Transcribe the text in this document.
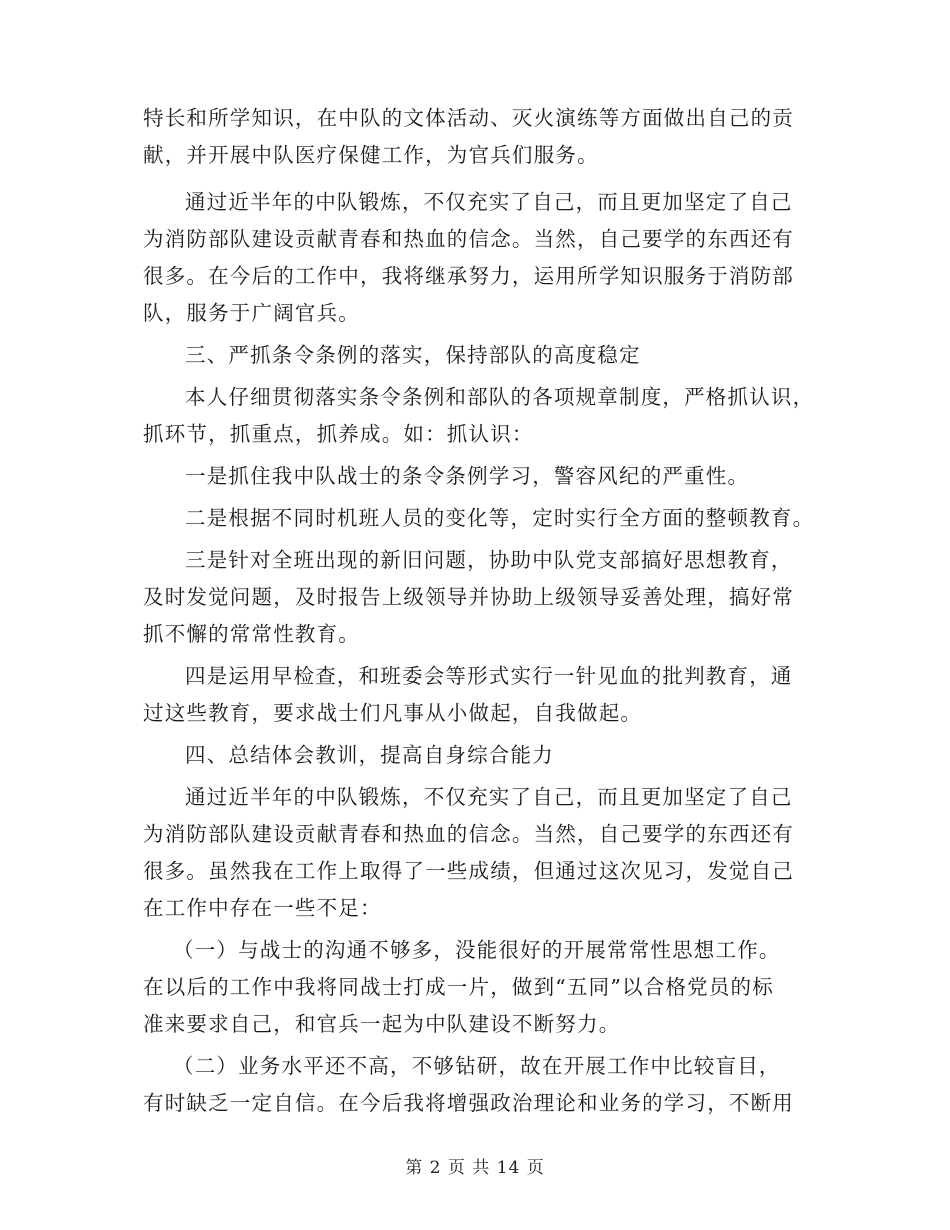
特长和所学知识，在中队的文体活动、灭火演练等方面做出自己的贡
献，并开展中队医疗保健工作，为官兵们服务。
通过近半年的中队锻炼，不仅充实了自己，而且更加坚定了自己
为消防部队建设贡献青春和热血的信念。当然，自己要学的东西还有
很多。在今后的工作中，我将继承努力，运用所学知识服务于消防部
队，服务于广阔官兵。
三、严抓条令条例的落实，保持部队的高度稳定
本人仔细贯彻落实条令条例和部队的各项规章制度，严格抓认识，
抓环节，抓重点，抓养成。如：抓认识：
一是抓住我中队战士的条令条例学习，警容风纪的严重性。
二是根据不同时机班人员的变化等，定时实行全方面的整顿教育。
三是针对全班出现的新旧问题，协助中队党支部搞好思想教育，
及时发觉问题，及时报告上级领导并协助上级领导妥善处理，搞好常
抓不懈的常常性教育。
四是运用早检查，和班委会等形式实行一针见血的批判教育，通
过这些教育，要求战士们凡事从小做起，自我做起。
四、总结体会教训，提高自身综合能力
通过近半年的中队锻炼，不仅充实了自己，而且更加坚定了自己
为消防部队建设贡献青春和热血的信念。当然，自己要学的东西还有
很多。虽然我在工作上取得了一些成绩，但通过这次见习，发觉自己
在工作中存在一些不足：
（一）与战士的沟通不够多，没能很好的开展常常性思想工作。
在以后的工作中我将同战士打成一片，做到“五同”以合格党员的标
准来要求自己，和官兵一起为中队建设不断努力。
（二）业务水平还不高，不够钻研，故在开展工作中比较盲目，
有时缺乏一定自信。在今后我将增强政治理论和业务的学习，不断用
第 2 页 共 14 页
